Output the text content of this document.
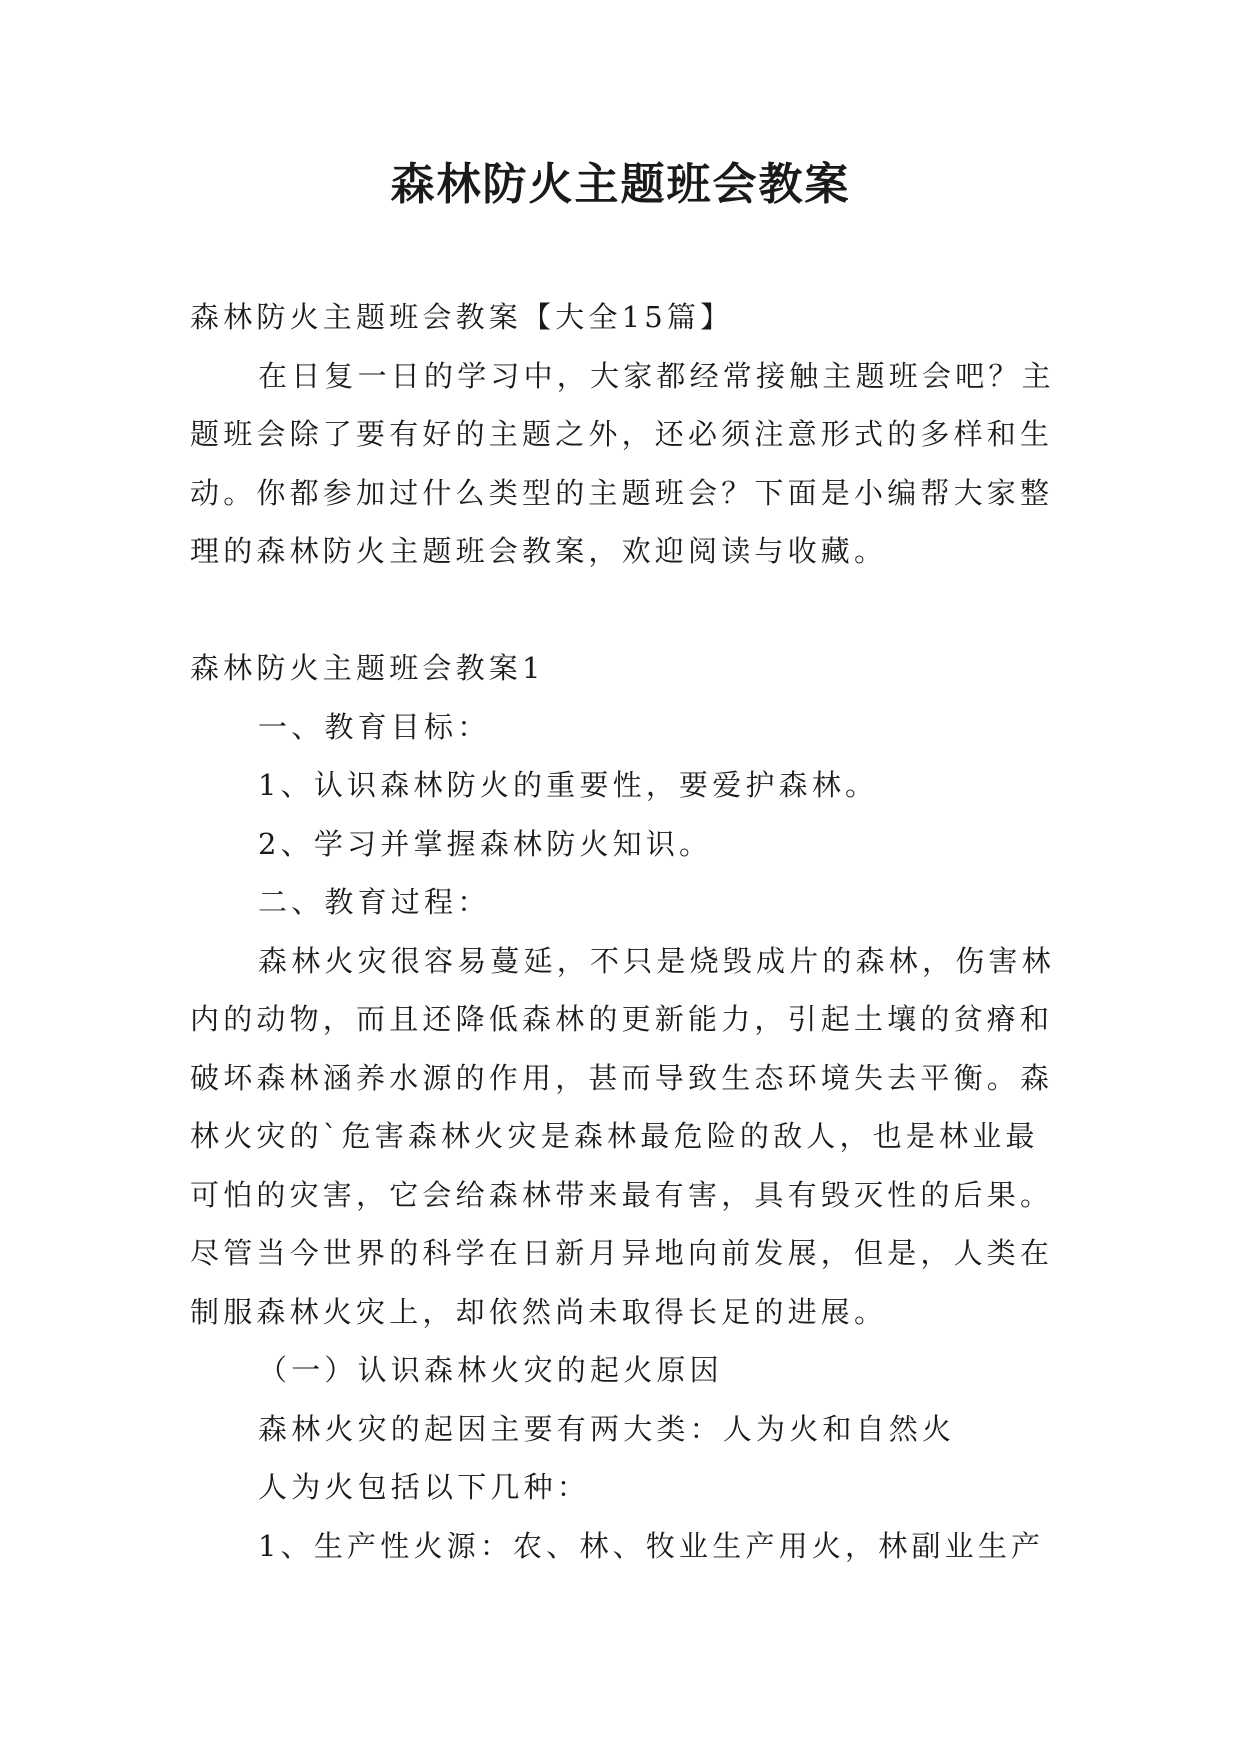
森林防火主题班会教案
森林防火主题班会教案【大全15篇】
在日复一日的学习中，大家都经常接触主题班会吧？主
题班会除了要有好的主题之外，还必须注意形式的多样和生
动。你都参加过什么类型的主题班会？下面是小编帮大家整
理的森林防火主题班会教案，欢迎阅读与收藏。
森林防火主题班会教案1
一、教育目标：
1、认识森林防火的重要性，要爱护森林。
2、学习并掌握森林防火知识。
二、教育过程：
森林火灾很容易蔓延，不只是烧毁成片的森林，伤害林
内的动物，而且还降低森林的更新能力，引起土壤的贫瘠和
破坏森林涵养水源的作用，甚而导致生态环境失去平衡。森
林火灾的`危害森林火灾是森林最危险的敌人，也是林业最
可怕的灾害，它会给森林带来最有害，具有毁灭性的后果。
尽管当今世界的科学在日新月异地向前发展，但是，人类在
制服森林火灾上，却依然尚未取得长足的进展。
（一）认识森林火灾的起火原因
森林火灾的起因主要有两大类：人为火和自然火
人为火包括以下几种：
1、生产性火源：农、林、牧业生产用火，林副业生产
